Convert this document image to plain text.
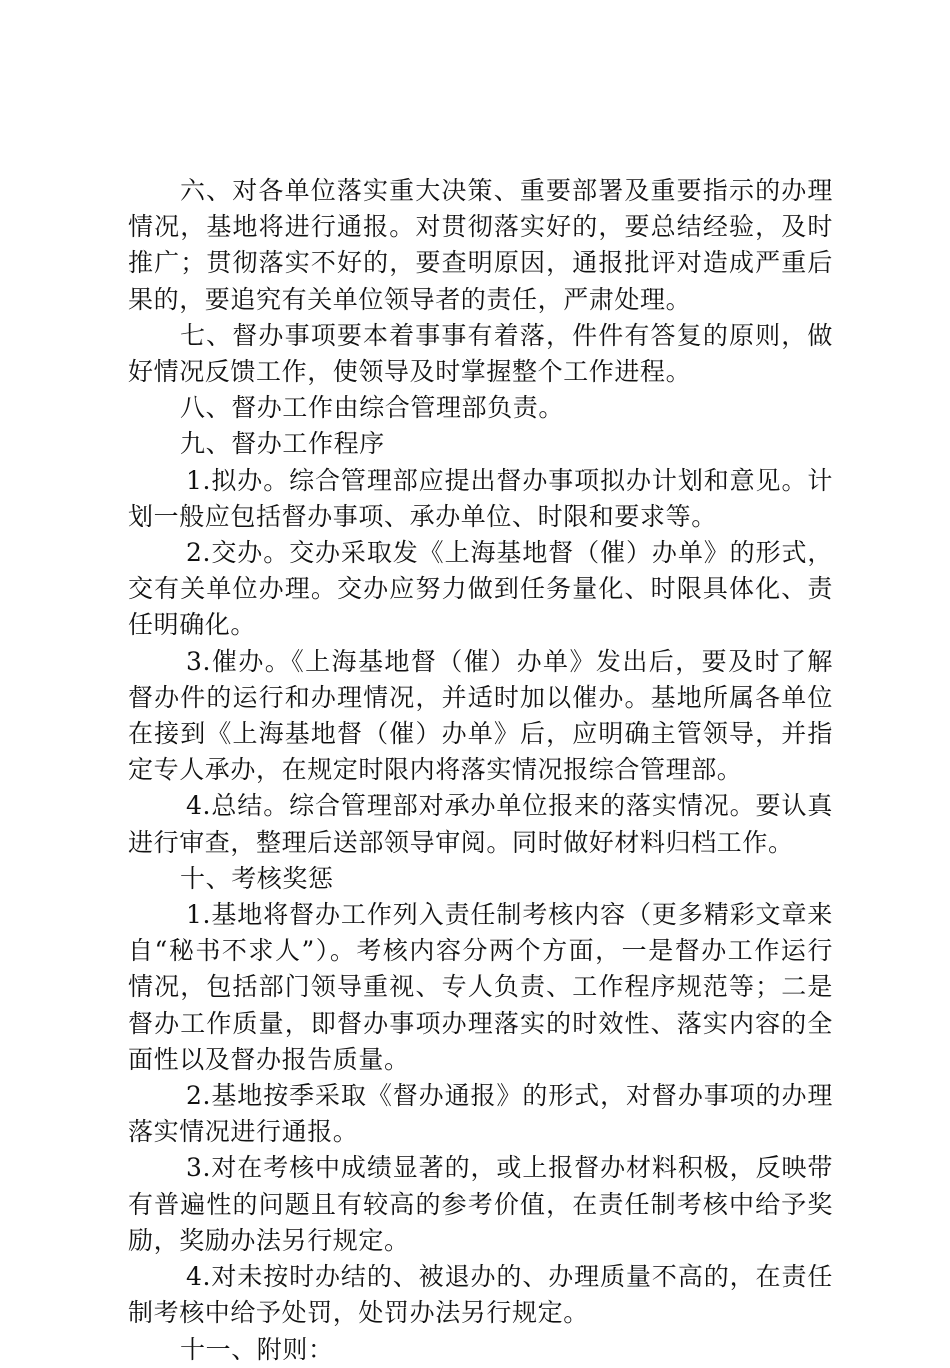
六、对各单位落实重大决策、重要部署及重要指示的办理情况，基地将进行通报。对贯彻落实好的，要总结经验，及时推广；贯彻落实不好的，要查明原因，通报批评对造成严重后果的，要追究有关单位领导者的责任，严肃处理。

七、督办事项要本着事事有着落，件件有答复的原则，做好情况反馈工作，使领导及时掌握整个工作进程。

八、督办工作由综合管理部负责。

九、督办工作程序

1.拟办。综合管理部应提出督办事项拟办计划和意见。计划一般应包括督办事项、承办单位、时限和要求等。

2.交办。交办采取发《上海基地督（催）办单》的形式，交有关单位办理。交办应努力做到任务量化、时限具体化、责任明确化。

3.催办。《上海基地督（催）办单》发出后，要及时了解督办件的运行和办理情况，并适时加以催办。基地所属各单位在接到《上海基地督（催）办单》后，应明确主管领导，并指定专人承办，在规定时限内将落实情况报综合管理部。

4.总结。综合管理部对承办单位报来的落实情况。要认真进行审查，整理后送部领导审阅。同时做好材料归档工作。

十、考核奖惩

1.基地将督办工作列入责任制考核内容（更多精彩文章来自“秘书不求人”）。考核内容分两个方面，一是督办工作运行情况，包括部门领导重视、专人负责、工作程序规范等；二是督办工作质量，即督办事项办理落实的时效性、落实内容的全面性以及督办报告质量。

2.基地按季采取《督办通报》的形式，对督办事项的办理落实情况进行通报。

3.对在考核中成绩显著的，或上报督办材料积极，反映带有普遍性的问题且有较高的参考价值，在责任制考核中给予奖励，奖励办法另行规定。

4.对未按时办结的、被退办的、办理质量不高的，在责任制考核中给予处罚，处罚办法另行规定。

十一、附则：
